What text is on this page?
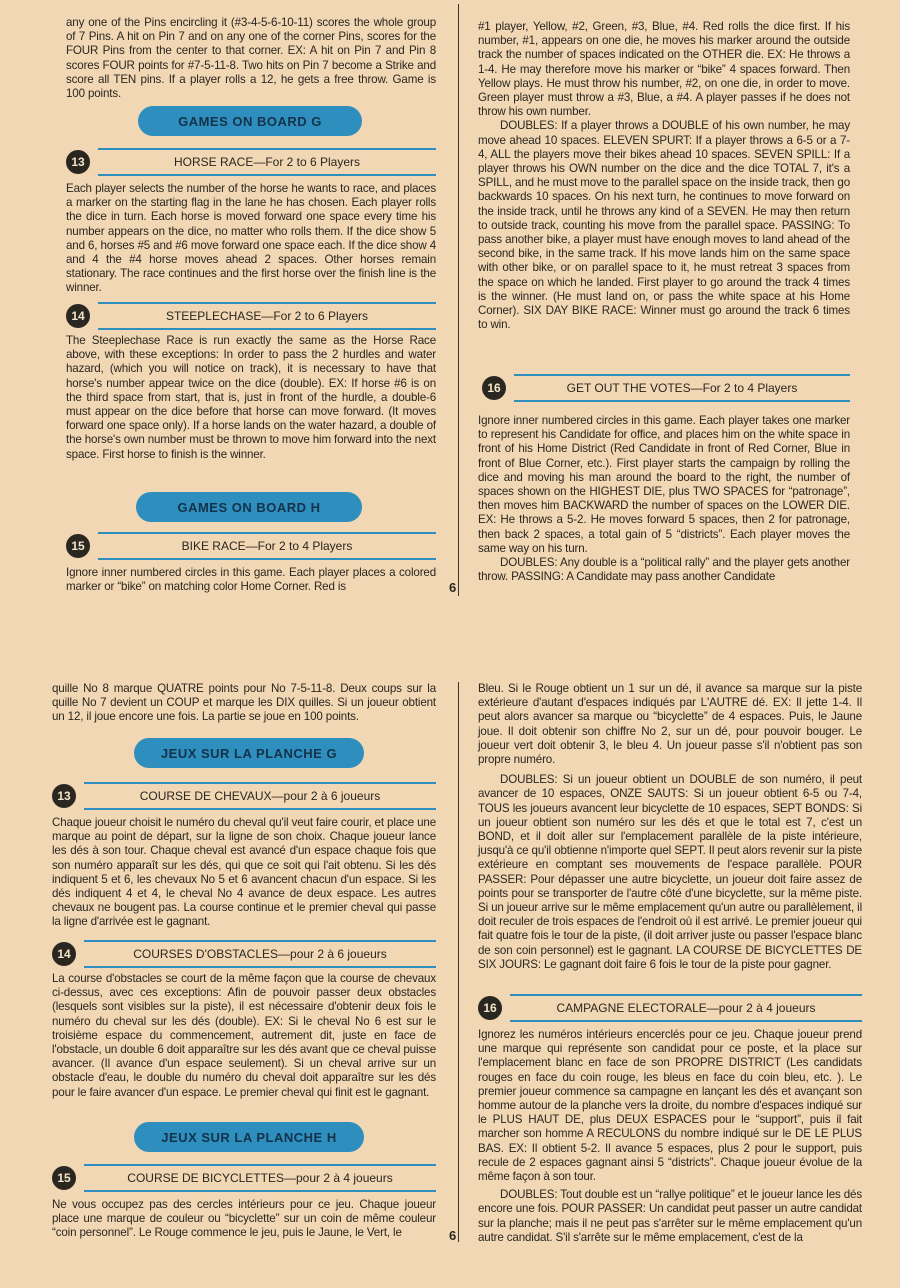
6

any one of the Pins encircling it (#3-4-5-6-10-11) scores the whole group of 7 Pins. A hit on Pin 7 and on any one of the corner Pins, scores for the FOUR Pins from the center to that corner. EX: A hit on Pin 7 and Pin 8 scores FOUR points for #7-5-11-8. Two hits on Pin 7 become a Strike and score all TEN pins. If a player rolls a 12, he gets a free throw. Game is 100 points.

GAMES ON BOARD G
13	HORSE RACE—For 2 to 6 Players

Each player selects the number of the horse he wants to race, and places a marker on the starting flag in the lane he has chosen. Each player rolls the dice in turn. Each horse is moved forward one space every time his number appears on the dice, no matter who rolls them. If the dice show 5 and 6, horses #5 and #6 move forward one space each. If the dice show 4 and 4 the #4 horse moves ahead 2 spaces. Other horses remain stationary. The race continues and the first horse over the finish line is the winner.

14	STEEPLECHASE—For 2 to 6 Players

The Steeplechase Race is run exactly the same as the Horse Race above, with these exceptions: In order to pass the 2 hurdles and water hazard, (which you will notice on track), it is necessary to have that horse's number appear twice on the dice (double). EX: If horse #6 is on the third space from start, that is, just in front of the hurdle, a double-6 must appear on the dice before that horse can move forward. (It moves forward one space only). If a horse lands on the water hazard, a double of the horse's own number must be thrown to move him forward into the next space. First horse to finish is the winner.

GAMES ON BOARD H
15	BIKE RACE—For 2 to 4 Players

Ignore inner numbered circles in this game. Each player places a colored marker or “bike” on matching color Home Corner. Red is

#1 player, Yellow, #2, Green, #3, Blue, #4. Red rolls the dice first. If his number, #1, appears on one die, he moves his marker around the outside track the number of spaces indicated on the OTHER die. EX: He throws a 1-4. He may therefore move his marker or “bike” 4 spaces forward. Then Yellow plays. He must throw his number, #2, on one die, in order to move. Green player must throw a #3, Blue, a #4. A player passes if he does not throw his own number.

DOUBLES: If a player throws a DOUBLE of his own number, he may move ahead 10 spaces. ELEVEN SPURT: If a player throws a 6-5 or a 7-4, ALL the players move their bikes ahead 10 spaces. SEVEN SPILL: If a player throws his OWN number on the dice and the dice TOTAL 7, it's a SPILL, and he must move to the parallel space on the inside track, then go backwards 10 spaces. On his next turn, he continues to move forward on the inside track, until he throws any kind of a SEVEN. He may then return to outside track, counting his move from the parallel space. PASSING: To pass another bike, a player must have enough moves to land ahead of the second bike, in the same track. If his move lands him on the same space with other bike, or on parallel space to it, he must retreat 3 spaces from the space on which he landed. First player to go around the track 4 times is the winner. (He must land on, or pass the white space at his Home Corner). SIX DAY BIKE RACE: Winner must go around the track 6 times to win.

16	GET OUT THE VOTES—For 2 to 4 Players

Ignore inner numbered circles in this game. Each player takes one marker to represent his Candidate for office, and places him on the white space in front of his Home District (Red Candidate in front of Red Corner, Blue in front of Blue Corner, etc.). First player starts the campaign by rolling the dice and moving his man around the board to the right, the number of spaces shown on the HIGHEST DIE, plus TWO SPACES for “patronage”, then moves him BACKWARD the number of spaces on the LOWER DIE. EX: He throws a 5-2. He moves forward 5 spaces, then 2 for patronage, then back 2 spaces, a total gain of 5 “districts”. Each player moves the same way on his turn.

DOUBLES: Any double is a “political rally” and the player gets another throw. PASSING: A Candidate may pass another Candidate

6

quille No 8 marque QUATRE points pour No 7-5-11-8. Deux coups sur la quille No 7 devient un COUP et marque les DIX quilles. Si un joueur obtient un 12, il joue encore une fois. La partie se joue en 100 points.

JEUX SUR LA PLANCHE G
13	COURSE DE CHEVAUX—pour 2 à 6 joueurs

Chaque joueur choisit le numéro du cheval qu'il veut faire courir, et place une marque au point de départ, sur la ligne de son choix. Chaque joueur lance les dés à son tour. Chaque cheval est avancé d'un espace chaque fois que son numéro apparaît sur les dés, qui que ce soit qui l'ait obtenu. Si les dés indiquent 5 et 6, les chevaux No 5 et 6 avancent chacun d'un espace. Si les dés indiquent 4 et 4, le cheval No 4 avance de deux espace. Les autres chevaux ne bougent pas. La course continue et le premier cheval qui passe la ligne d'arrivée est le gagnant.

14	COURSES D'OBSTACLES—pour 2 à 6 joueurs

La course d'obstacles se court de la même façon que la course de chevaux ci-dessus, avec ces exceptions: Afin de pouvoir passer deux obstacles (lesquels sont visibles sur la piste), il est nécessaire d'obtenir deux fois le numéro du cheval sur les dés (double). EX: Si le cheval No 6 est sur le troisième espace du commencement, autrement dit, juste en face de l'obstacle, un double 6 doit apparaître sur les dés avant que ce cheval puisse avancer. (Il avance d'un espace seulement). Si un cheval arrive sur un obstacle d'eau, le double du numéro du cheval doit apparaître sur les dés pour le faire avancer d'un espace. Le premier cheval qui finit est le gagnant.

JEUX SUR LA PLANCHE H
15	COURSE DE BICYCLETTES—pour 2 à 4 joueurs

Ne vous occupez pas des cercles intérieurs pour ce jeu. Chaque joueur place une marque de couleur ou “bicyclette” sur un coin de même couleur “coin personnel”. Le Rouge commence le jeu, puis le Jaune, le Vert, le

Bleu. Si le Rouge obtient un 1 sur un dé, il avance sa marque sur la piste extérieure d'autant d'espaces indiqués par L'AUTRE dé. EX: Il jette 1-4. Il peut alors avancer sa marque ou “bicyclette” de 4 espaces. Puis, le Jaune joue. Il doit obtenir son chiffre No 2, sur un dé, pour pouvoir bouger. Le joueur vert doit obtenir 3, le bleu 4. Un joueur passe s'il n'obtient pas son propre numéro.

DOUBLES: Si un joueur obtient un DOUBLE de son numéro, il peut avancer de 10 espaces, ONZE SAUTS: Si un joueur obtient 6-5 ou 7-4, TOUS les joueurs avancent leur bicyclette de 10 espaces, SEPT BONDS: Si un joueur obtient son numéro sur les dés et que le total est 7, c'est un BOND, et il doit aller sur l'emplacement parallèle de la piste intérieure, jusqu'à ce qu'il obtienne n'importe quel SEPT. Il peut alors revenir sur la piste extérieure en comptant ses mouvements de l'espace parallèle. POUR PASSER: Pour dépasser une autre bicyclette, un joueur doit faire assez de points pour se transporter de l'autre côté d'une bicyclette, sur la même piste. Si un joueur arrive sur le même emplacement qu'un autre ou parallèlement, il doit reculer de trois espaces de l'endroit où il est arrivé. Le premier joueur qui fait quatre fois le tour de la piste, (il doit arriver juste ou passer l'espace blanc de son coin personnel) est le gagnant. LA COURSE DE BICYCLETTES DE SIX JOURS: Le gagnant doit faire 6 fois le tour de la piste pour gagner.

16	CAMPAGNE ELECTORALE—pour 2 à 4 joueurs

Ignorez les numéros intérieurs encerclés pour ce jeu. Chaque joueur prend une marque qui représente son candidat pour ce poste, et la place sur l'emplacement blanc en face de son PROPRE DISTRICT (Les candidats rouges en face du coin rouge, les bleus en face du coin bleu, etc. ). Le premier joueur commence sa campagne en lançant les dés et avançant son homme autour de la planche vers la droite, du nombre d'espaces indiqué sur le PLUS HAUT DE, plus DEUX ESPACES pour le “support”, puis il fait marcher son homme A RECULONS du nombre indiqué sur le DE LE PLUS BAS. EX: Il obtient 5-2. Il avance 5 espaces, plus 2 pour le support, puis recule de 2 espaces gagnant ainsi 5 “districts”. Chaque joueur évolue de la même façon à son tour.

DOUBLES: Tout double est un “rallye politique” et le joueur lance les dés encore une fois. POUR PASSER: Un candidat peut passer un autre candidat sur la planche; mais il ne peut pas s'arrêter sur le même emplacement qu'un autre candidat. S'il s'arrête sur le même emplacement, c'est de la
